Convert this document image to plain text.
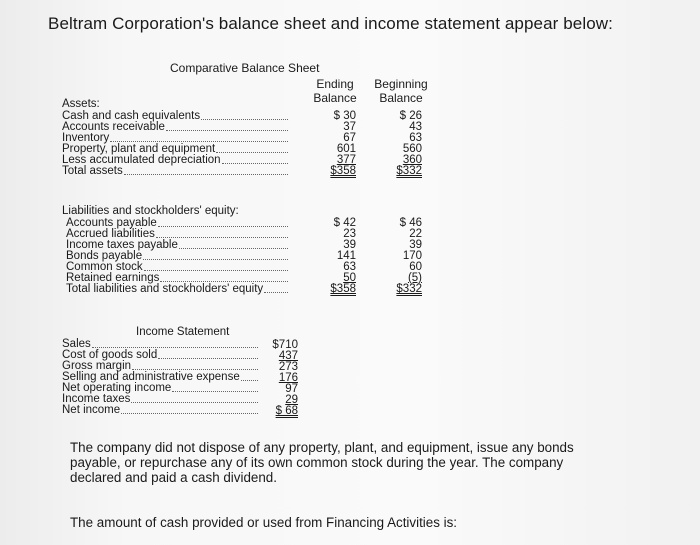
Beltram Corporation's balance sheet and income statement appear below:
Comparative Balance Sheet
Ending
Balance
Beginning
Balance
Assets:
Cash and cash equivalents
Accounts receivable
Inventory
Property, plant and equipment
Less accumulated depreciation
Total assets
$ 30
37
67
601
377
$358
$ 26
43
63
560
360
$332
Liabilities and stockholders' equity:
Accounts payable
Accrued liabilities
Income taxes payable
Bonds payable
Common stock
Retained earnings
Total liabilities and stockholders' equity
$ 42
23
39
141
63
50
$358
$ 46
22
39
170
60
(5)
$332
Income Statement
Sales
Cost of goods sold
Gross margin
Selling and administrative expense
Net operating income
Income taxes
Net income
$710
437
273
176
97
29
$ 68
The company did not dispose of any property, plant, and equipment, issue any bonds
payable, or repurchase any of its own common stock during the year. The company
declared and paid a cash dividend.
The amount of cash provided or used from Financing Activities is:
